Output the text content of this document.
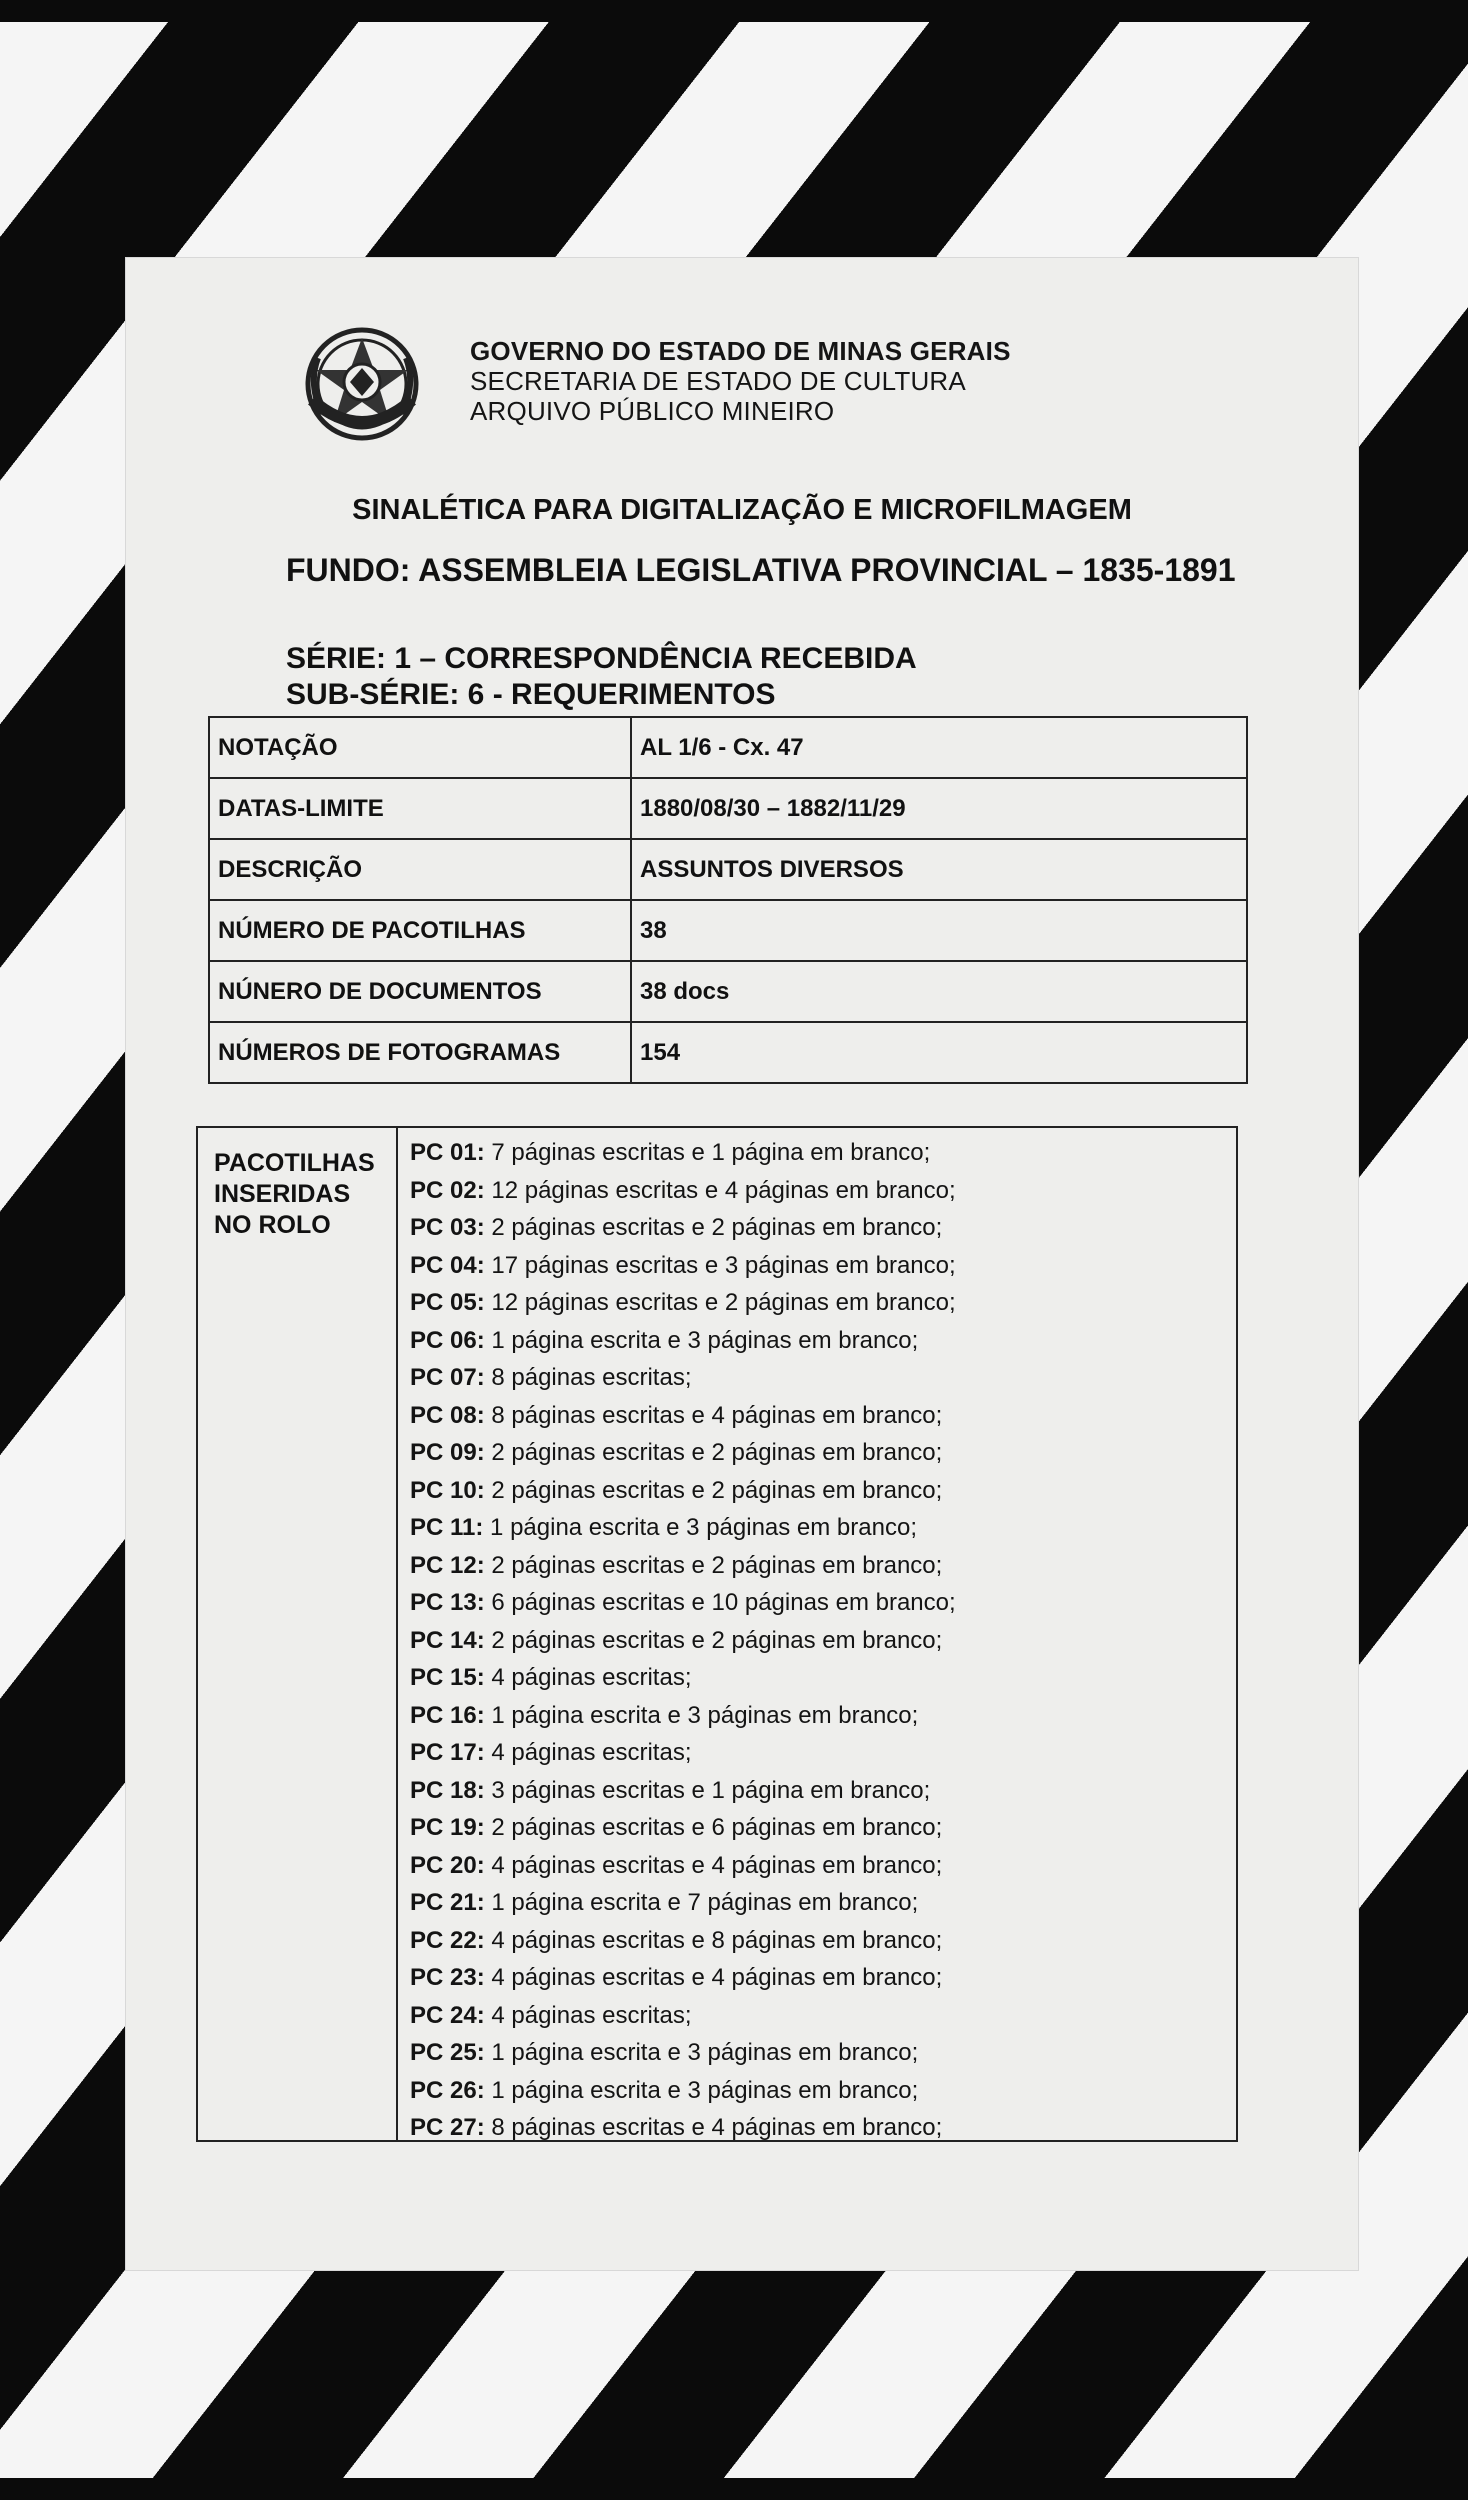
GOVERNO DO ESTADO DE MINAS GERAIS
SECRETARIA DE ESTADO DE CULTURA
ARQUIVO PÚBLICO MINEIRO
SINALÉTICA PARA DIGITALIZAÇÃO E MICROFILMAGEM
FUNDO: ASSEMBLEIA LEGISLATIVA PROVINCIAL – 1835-1891
SÉRIE: 1 – CORRESPONDÊNCIA RECEBIDA
SUB-SÉRIE: 6 - REQUERIMENTOS
NOTAÇÃO	AL 1/6 - Cx. 47
DATAS-LIMITE	1880/08/30 – 1882/11/29
DESCRIÇÃO	ASSUNTOS DIVERSOS
NÚMERO DE PACOTILHAS	38
NÚNERO DE DOCUMENTOS	38 docs
NÚMEROS DE FOTOGRAMAS	154
PACOTILHAS INSERIDAS NO ROLO
PC 01: 7 páginas escritas e 1 página em branco;
PC 02: 12 páginas escritas e 4 páginas em branco;
PC 03: 2 páginas escritas e 2 páginas em branco;
PC 04: 17 páginas escritas e 3 páginas em branco;
PC 05: 12 páginas escritas e 2 páginas em branco;
PC 06: 1 página escrita e 3 páginas em branco;
PC 07: 8 páginas escritas;
PC 08: 8 páginas escritas e 4 páginas em branco;
PC 09: 2 páginas escritas e 2 páginas em branco;
PC 10: 2 páginas escritas e 2 páginas em branco;
PC 11: 1 página escrita e 3 páginas em branco;
PC 12: 2 páginas escritas e 2 páginas em branco;
PC 13: 6 páginas escritas e 10 páginas em branco;
PC 14: 2 páginas escritas e 2 páginas em branco;
PC 15: 4 páginas escritas;
PC 16: 1 página escrita e 3 páginas em branco;
PC 17: 4 páginas escritas;
PC 18: 3 páginas escritas e 1 página em branco;
PC 19: 2 páginas escritas e 6 páginas em branco;
PC 20: 4 páginas escritas e 4 páginas em branco;
PC 21: 1 página escrita e 7 páginas em branco;
PC 22: 4 páginas escritas e 8 páginas em branco;
PC 23: 4 páginas escritas e 4 páginas em branco;
PC 24: 4 páginas escritas;
PC 25: 1 página escrita e 3 páginas em branco;
PC 26: 1 página escrita e 3 páginas em branco;
PC 27: 8 páginas escritas e 4 páginas em branco;
